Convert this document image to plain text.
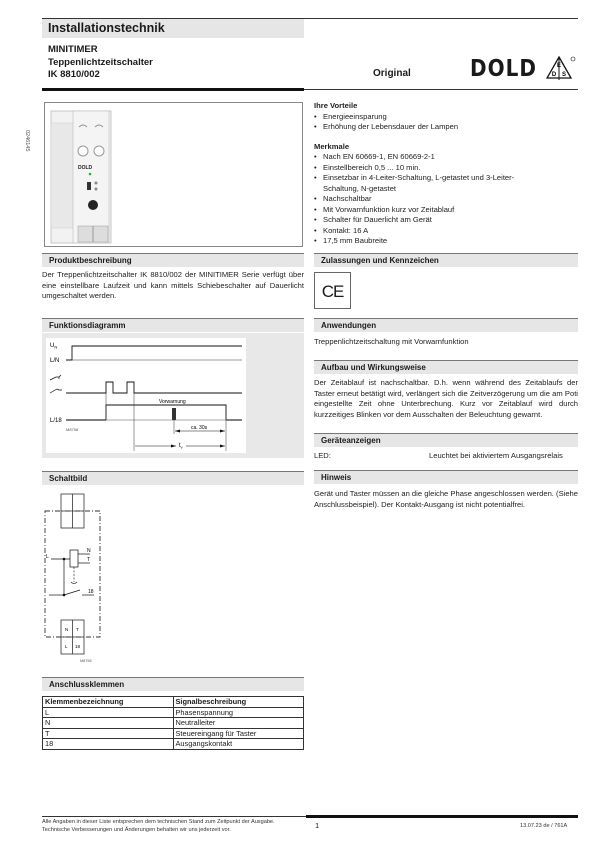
Installationstechnik
MINITIMER
Teppenlichtzeitschalter
IK 8810/002	Original	DOLD	E
D S
0246145
DOLD
Ihre Vorteile
• Energieeinsparung
• Erhöhung der Lebensdauer der Lampen
Merkmale
• Nach EN 60669-1, EN 60669-2-1
• Einstellbereich 0,5 ... 10 min.
• Einsetzbar in 4-Leiter-Schaltung, L-getastet und 3-Leiter-Schaltung, N-getastet
• Nachschaltbar
• Mit Vorwarnfunktion kurz vor Zeitablauf
• Schalter für Dauerlicht am Gerät
• Kontakt: 16 A
• 17,5 mm Baubreite
Produktbeschreibung
Der Treppenlichtzeitschalter IK 8810/002 der MINITIMER Serie verfügt über eine einstellbare Laufzeit und kann mittels Schiebeschalter auf Dauerlicht umgeschaltet werden.
Zulassungen und Kennzeichen
CE
Funktionsdiagramm
$U_N$
L/N
L/18
Vorwarnung
M8758	ca. 30s
$t_v$
Anwendungen
Treppenlichtzeitschaltung mit Vorwarnfunktion
Aufbau und Wirkungsweise
Der Zeitablauf ist nachschaltbar. D.h. wenn während des Zeitablaufs der Taster erneut betätigt wird, verlängert sich die Zeitverzögerung um die am Poti eingestellte Zeit ohne Unterbrechung. Kurz vor Zeitablauf wird durch kurzzeitiges Blinken vor dem Ausschalten der Beleuchtung gewarnt.
Geräteanzeigen
LED:	Leuchtet bei aktiviertem Ausgangsrelais
Hinweis
Gerät und Taster müssen an die gleiche Phase angeschlossen werden. (Siehe Anschlussbeispiel). Der Kontakt-Ausgang ist nicht potentialfrei.
Schaltbild
L
N
T
18
N T
L 18
M8756
Anschlussklemmen
Klemmenbezeichnung	Signalbeschreibung
L	Phasenspannung
N	Neutralleiter
T	Steuereingang für Taster
18	Ausgangskontakt
Alle Angaben in dieser Liste entsprechen dem technischen Stand zum Zeitpunkt der Ausgabe.
Technische Verbesserungen und Änderungen behalten wir uns jederzeit vor.	1	13.07.23 de / 761A
